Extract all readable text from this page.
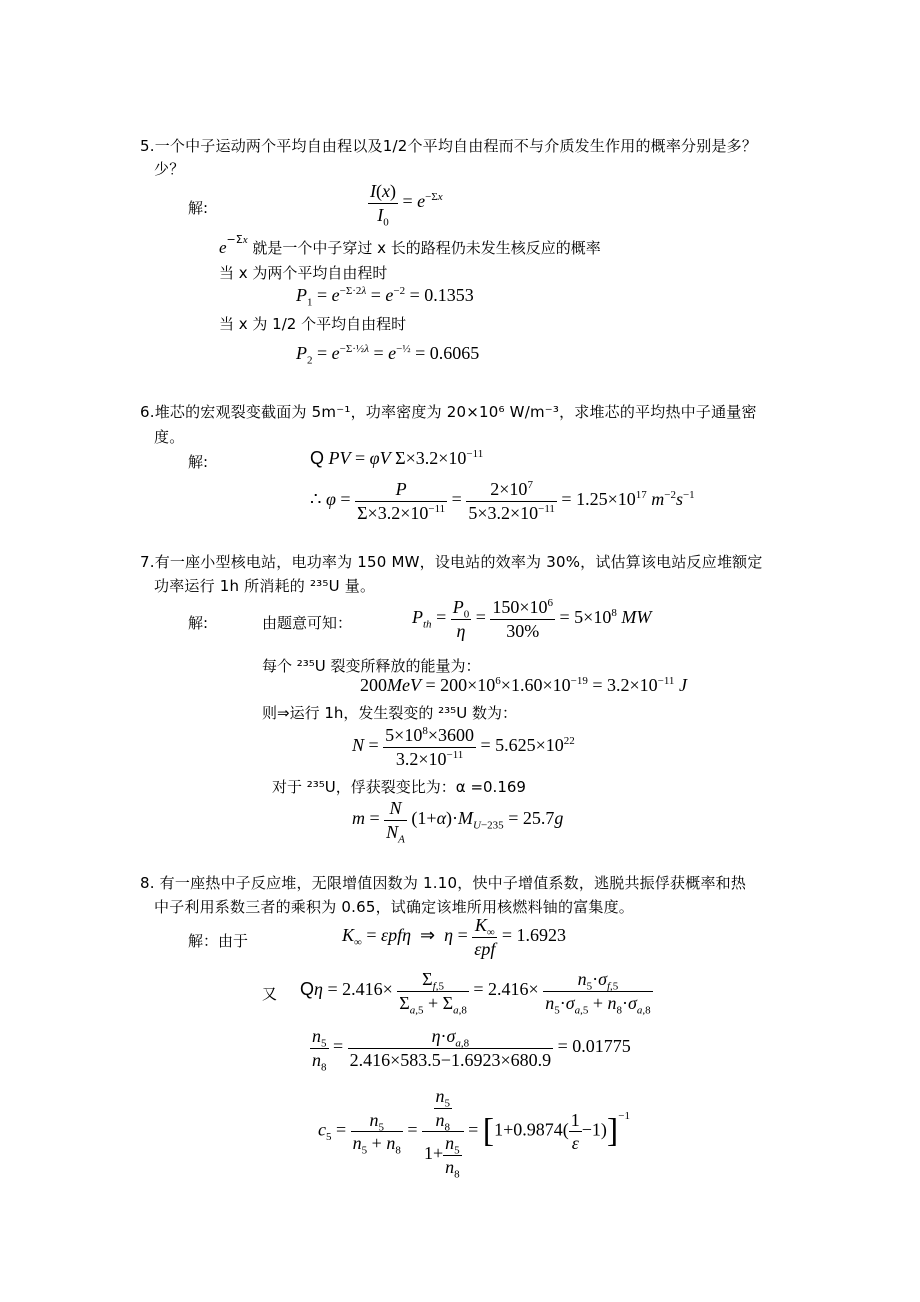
5.一个中子运动两个平均自由程以及1/2个平均自由程而不与介质发生作用的概率分别是多？
少？
解:	$\frac{I(x)}{I_0} = e^{-\Sigma x}$
$e^{-\Sigma x}$ 就是一个中子穿过 x 长的路程仍未发生核反应的概率
当 x 为两个平均自由程时
$P_1 = e^{-\Sigma\cdot 2\lambda} = e^{-2} = 0.1353$
当 x 为 1/2 个平均自由程时
$P_2 = e^{-\Sigma\cdot\frac{1}{2}\lambda} = e^{-\frac{1}{2}} = 0.6065$
6.堆芯的宏观裂变截面为 5m⁻¹，功率密度为 20×10⁶ W/m⁻³，求堆芯的平均热中子通量密
度。
解:	Q PV = φV $\Sigma\times 3.2\times 10^{-11}$
∴ $\varphi = \frac{P}{\Sigma\times 3.2\times 10^{-11}} = \frac{2\times 10^7}{5\times 3.2\times 10^{-11}} = 1.25\times 10^{17}$ $m^{-2}s^{-1}$
7.有一座小型核电站，电功率为 150 MW，设电站的效率为 30%，试估算该电站反应堆额定
功率运行 1h 所消耗的 ²³⁵U 量。
解:	由题意可知：	$P_{th} = \frac{P_0}{\eta} = \frac{150\times 10^6}{30\%} = 5\times 10^8$ MW
每个 ²³⁵U 裂变所释放的能量为：
$200MeV = 200\times 10^6\times 1.60\times 10^{-19} = 3.2\times 10^{-11}$ J
则⇒运行 1h，发生裂变的 ²³⁵U 数为：
$N = \frac{5\times 10^8\times 3600}{3.2\times 10^{-11}} = 5.625\times 10^{22}$
对于 ²³⁵U，俘获裂变比为：α =0.169
$m = \frac{N}{N_A} (1+\alpha)\cdot M_{U-235} = 25.7g$
8. 有一座热中子反应堆，无限增值因数为 1.10，快中子增值系数，逃脱共振俘获概率和热
中子利用系数三者的乘积为 0.65，试确定该堆所用核燃料铀的富集度。
解：由于	$K_\infty = \varepsilon pf\eta$  ⇒  $\eta = \frac{K_\infty}{\text{εpf}} = 1.6923$
又 $Q\eta = 2.416\times \frac{\Sigma_{f,5}}{\Sigma_{a,5} + \Sigma_{a,8}} = 2.416\times \frac{n_5\cdot\sigma_{f,5}}{n_5\cdot\sigma_{a,5} + n_8\cdot\sigma_{a,8}}$
$\frac{n_5}{n_8} = \frac{\eta\cdot\sigma_{a,8}}{2.416\times 583.5-1.6923\times 680.9} = 0.01775$
$c_5 = \frac{n_5}{n_5 + n_8} = \frac{\frac{n_5}{n_8}}{1+ \frac{n_5}{n_8}} = [1+0.9874( \frac{1}{\varepsilon} -1)]^{-1}$
